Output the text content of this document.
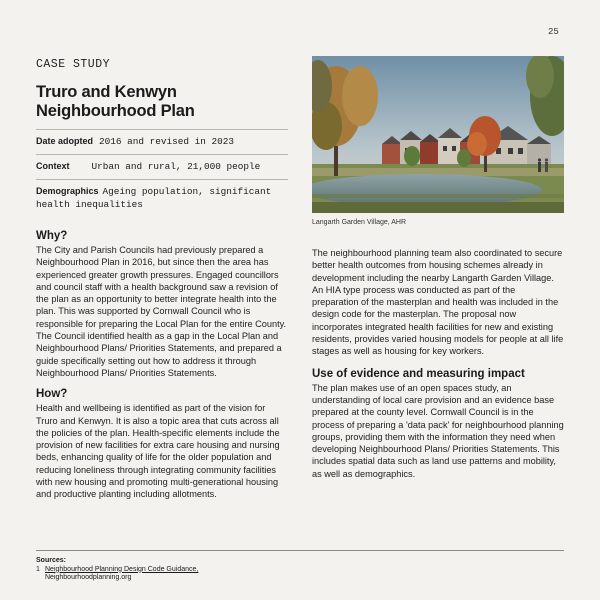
25
CASE STUDY
Truro and Kenwyn
Neighbourhood Plan
Date adopted 2016 and revised in 2023
Context Urban and rural, 21,000 people
Demographics Ageing population, significant health inequalities
Why?

The City and Parish Councils had previously prepared a Neighbourhood Plan in 2016, but since then the area has experienced greater growth pressures. Engaged councillors and council staff with a health background saw a revision of the plan as an opportunity to better integrate health into the plan. This was supported by Cornwall Council who is responsible for preparing the Local Plan for the entire County. The Council identified health as a gap in the Local Plan and Neighbourhood Plans/ Priorities Statements, and prepared a guide specifically setting out how to address it through Neighbourhood Plans/ Priorities Statements.

How?

Health and wellbeing is identified as part of the vision for Truro and Kenwyn. It is also a topic area that cuts across all the policies of the plan. Health-specific elements include the provision of new facilities for extra care housing and nursing beds, enhancing quality of life for the older population and reducing loneliness through integrating community facilities with new housing and promoting multi-generational housing and productive planting including allotments.

Langarth Garden Village, AHR

The neighbourhood planning team also coordinated to secure better health outcomes from housing schemes already in development including the nearby Langarth Garden Village. An HIA type process was conducted as part of the preparation of the masterplan and health was included in the design code for the masterplan. The proposal now incorporates integrated health facilities for new and existing residents, provides varied housing models for people at all life stages as well as housing for key workers.

Use of evidence and measuring impact

The plan makes use of an open spaces study, an understanding of local care provision and an evidence base prepared at the county level. Cornwall Council is in the process of preparing a 'data pack' for neighbourhood planning groups, providing them with the information they need when developing Neighbourhood Plans/ Priorities Statements. This includes spatial data such as land use patterns and mobility, as well as demographics.

Sources:
1 Neighbourhood Planning Design Code Guidance,
Neighbourhoodplanning.org
